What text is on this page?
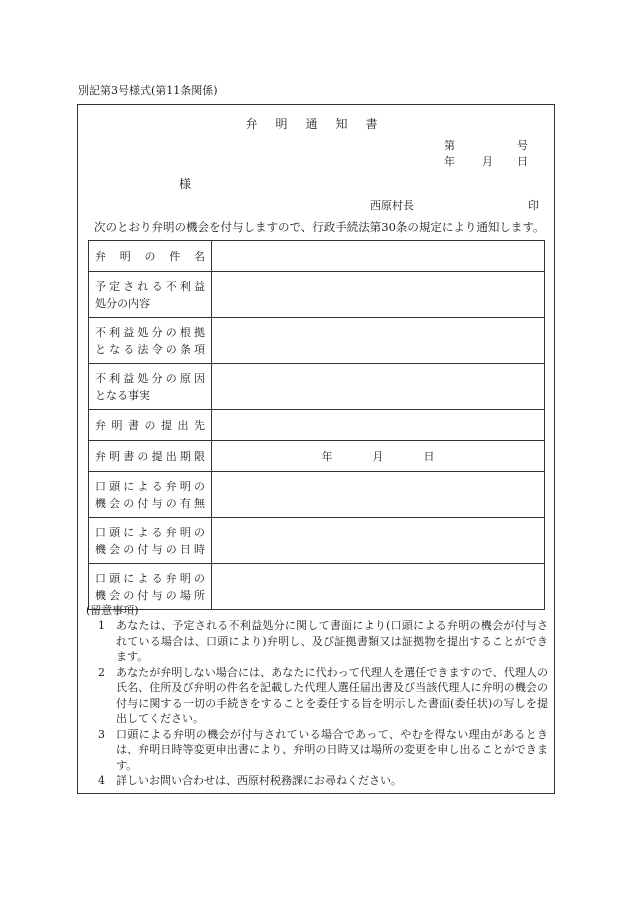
別記第3号様式(第11条関係)
弁明通知書
第	号
年 月 日
様
西原村長	印
次のとおり弁明の機会を付与しますので、行政手続法第30条の規定により通知します。
弁明の件名	

予定される不利益
処分の内容	

不利益処分の根拠
となる法令の条項	

不利益処分の原因
となる事実	

弁明書の提出先	

弁明書の提出期限	年 月 日

口頭による弁明の
機会の付与の有無	

口頭による弁明の
機会の付与の日時	

口頭による弁明の
機会の付与の場所	

(留意事項)
1 あなたは、予定される不利益処分に関して書面により(口頭による弁明の機会が付与されている場合は、口頭により)弁明し、及び証拠書類又は証拠物を提出することができます。
2 あなたが弁明しない場合には、あなたに代わって代理人を選任できますので、代理人の氏名、住所及び弁明の件名を記載した代理人選任届出書及び当該代理人に弁明の機会の付与に関する一切の手続きをすることを委任する旨を明示した書面(委任状)の写しを提出してください。
3 口頭による弁明の機会が付与されている場合であって、やむを得ない理由があるときは、弁明日時等変更申出書により、弁明の日時又は場所の変更を申し出ることができます。
4 詳しいお問い合わせは、西原村税務課にお尋ねください。
